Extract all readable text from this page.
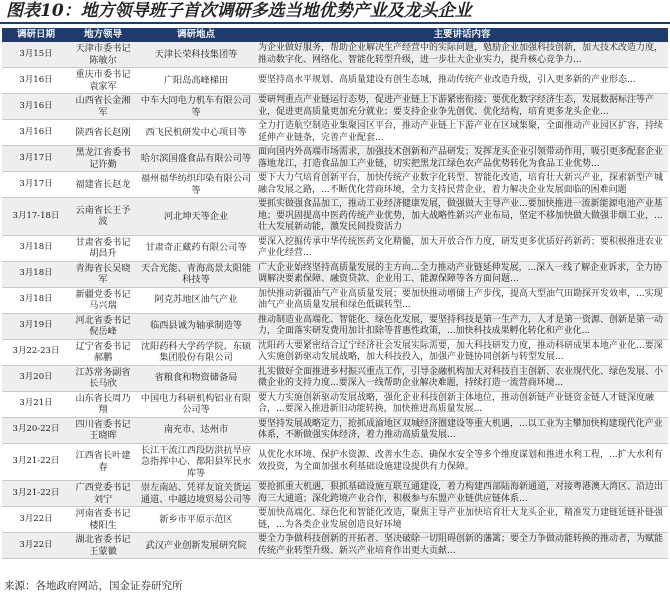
图表10：地方领导班子首次调研多选当地优势产业及龙头企业
调研日期	地方领导	调研地点	主要讲话内容
3月15日	天津市委书记陈敏尔	天津长荣科技集团等	为企业做好服务，帮助企业解决生产经营中的实际问题，勉励企业加强科技创新，加大技术改造力度，推动数字化、网络化、智能化转型升级，进一步壮大企业实力，提升核心竞争力...
3月16日	重庆市委书记袁家军	广阳岛高峰梯田	要坚持高水平规划、高质量建设有创生态城，推动传统产业改造升级，引入更多新的产业形态...
3月16日	山西省长金湘军	中车大同电力机车有限公司等	要研判重点产业链运行态势，促进产业链上下游紧密衔接；要优化数字经济生态，发展数据标注等产业，促进更高质量更加充分就业；要支持企业争先创优、优化结构，培育更多龙头企业...
3月16日	陕西省长赵刚	西飞民机研发中心项目等	全力打造航空制造业集聚园区平台，推动产业链上下游产业在区域集聚，全面推动产业园区扩容，持续延伸产业链条，完善产业配套...
3月17日	黑龙江省委书记许勤	哈尔滨国盛食品有限公司等	面向国内外高端市场需求，加强技术创新和产品研发；发挥龙头企业引领带动作用，吸引更多配套企业落地龙江，打造食品加工产业链，切实把黑龙江绿色农产品优势转化为食品工业优势...
3月17日	福建省长赵龙	福州福华纺织印染有限公司等	要下大力气培育创新平台，加快传统产业数字化转型、智能化改造，培育壮大新兴产业，探索新型产城融合发展之路，...不断优化营商环境，全力支持民营企业，着力解决企业发展面临的困难问题
3月17-18日	云南省长王予波	河北坤天等企业	要抓实做强食品加工，推动工业经济健康发展，做强做大主导产业...要加快推进一流新能源电池产业基地；要巩固提高中医药传统产业优势，加大战略性新兴产业布局，坚定不移加快做大做强非烟工业，...壮大发展新动能，激发民间投资活力
3月18日	甘肃省委书记胡昌升	甘肃奇正藏药有限公司等	要深入挖掘传承中华传统医药文化精髓，加大开放合作力度，研发更多优质好药新药；要积极推进农业产业化经营...
3月18日	青海省长吴晓军	天合光能、青海高景太阳能科技等	广大企业始终坚持高质量发展的主方向...全力推动产业链延伸发展，...深入一线了解企业诉求，全力协调解决要素保障、融资贷款、企业用工、能源保障等各方面问题...
3月18日	新疆党委书记马兴瑞	阿克苏地区油气产业	加快推动新疆油气产业高质量发展；要加快推动增储上产步伐，提高大型油气田勘探开发效率，...实现油气产业高质量发展和绿色低碳转型...
3月19日	河北省委书记倪岳峰	临西县诚为轴承制造等	推动制造业高端化、智能化、绿色化发展，要坚持科技是第一生产力，人才是第一资源、创新是第一动力，全面落实研发费用加计扣除等普惠性政策，...加快科技成果孵化转化和产业化...
3月22-23日	辽宁省委书记郝鹏	沈阳药科大学药学院、东硕集团股份有限公司	沈阳药大要紧密结合辽宁经济社会发展实际需要，加大科技研发力度，推动科研成果本地产业化...要深入实施创新驱动发展战略，加大科技投入，加强产业链协同创新与转型发展...
3月20日	江苏常务副省长马欣	省粮食和物资储备局	扎实做好全面推进乡村振兴重点工作，引导金融机构加大对科技自主创新、农业现代化、绿色发展、小微企业的支持力度...要深入一线帮助企业解决难题，持续打造一流营商环境...
3月21日	山东省长周乃翔	中国电力科研机构铝业有限公司等	要大力实施创新驱动发展战略，强化企业科技创新主体地位，推动创新链产业链资金链人才链深度融合，...要深入推进新旧动能转换，加快推进高质量发展...
3月20-22日	四川省委书记王晓晖	南充市、达州市	要坚持发展战略定力，抢抓成渝地区双城经济圈建设等重大机遇，...以工业为主攀加快构建现代化产业体系，不断做强实体经济，着力推动高质量发展...
3月21-22日	江西省长叶建春	长江干流江西段防洪抗旱应急指挥中心、都阳县军民水库等	从优化水环境、保护水资源、改善水生态、确保水安全等多个维度谋划和推进水利工程，...扩大水利有效投资，为全面加强水利基础设施建设提供有力保障。
3月21-22日	广西党委书记刘宁	崇左南站、凭祥友谊关货运通道、中越边境贸易公司等	要抢抓重大机遇，狠抓基础设施互联互通建设，着力构建西部陆海新通道，对接粤港澳大湾区、沿边出海三大通道；深化跨境产业合作，积极参与东盟产业链供应链体系...
3月22日	河南省委书记楼阳生	新乡市平原示范区	要加快高端化、绿色化和智能化改造，聚焦主导产业加快培育壮大龙头企业，精准发力建链延链补链强链，...为各类企业发展创造良好环境
3月22日	湖北省委书记王蒙徽	武汉产业创新发展研究院	要全力争做科技创新的开拓者、坚决破除一切阻碍创新的藩篱；要全力争做动能转换的推动者，为赋能传统产业转型升级、新兴产业培育作出更大贡献...
来源：各地政府网站，国金证券研究所
